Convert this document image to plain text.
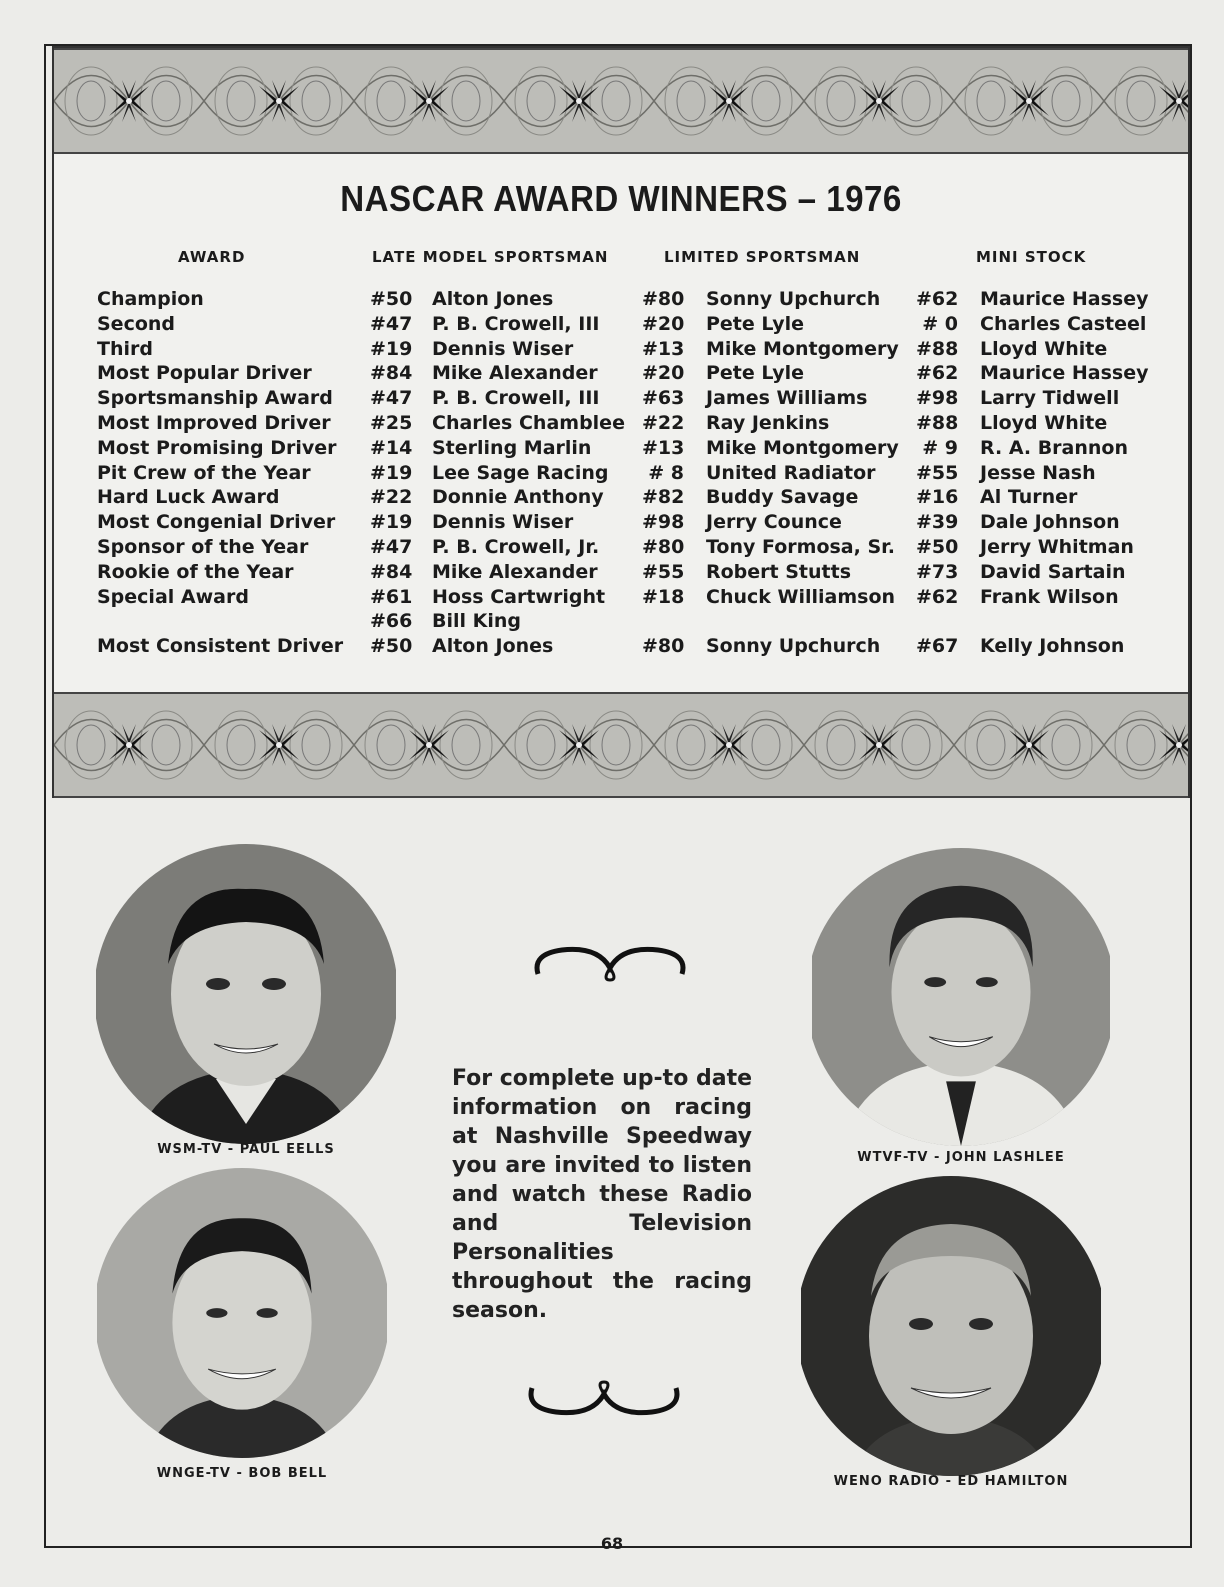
NASCAR AWARD WINNERS – 1976
AWARD	LATE MODEL SPORTSMAN	LIMITED SPORTSMAN	MINI STOCK
Champion	#50 Alton Jones	#80 Sonny Upchurch #62 Maurice Hassey
Second	#47 P. B. Crowell, III #20 Pete Lyle	# 0 Charles Casteel
Third	#19 Dennis Wiser	#13 Mike Montgomery #88 Lloyd White
Most Popular Driver	#84 Mike Alexander #20 Pete Lyle	#62 Maurice Hassey
Sportsmanship Award #47 P. B. Crowell, III #63 James Williams	#98 Larry Tidwell
Most Improved Driver #25 Charles Chamblee #22 Ray Jenkins	#88 Lloyd White
Most Promising Driver #14 Sterling Marlin	#13 Mike Montgomery	# 9 R. A. Brannon
Pit Crew of the Year	#19 Lee Sage Racing	# 8 United Radiator #55 Jesse Nash
Hard Luck Award	#22 Donnie Anthony #82 Buddy Savage	#16 Al Turner
Most Congenial Driver #19 Dennis Wiser	#98 Jerry Counce	#39 Dale Johnson
Sponsor of the Year	#47 P. B. Crowell, Jr. #80 Tony Formosa, Sr. #50 Jerry Whitman
Rookie of the Year	#84 Mike Alexander #55 Robert Stutts	#73 David Sartain
Special Award	#61 Hoss Cartwright #18 Chuck Williamson #62 Frank Wilson
#66 Bill King
Most Consistent Driver #50 Alton Jones	#80 Sonny Upchurch #67 Kelly Johnson
WSM-TV - PAUL EELLS
WNGE-TV - BOB BELL
WTVF-TV - JOHN LASHLEE
WENO RADIO - ED HAMILTON
For complete up-to date information on racing at Nashville Speedway you are invited to listen and watch these Radio and Television Personalities throughout the racing season.
68
